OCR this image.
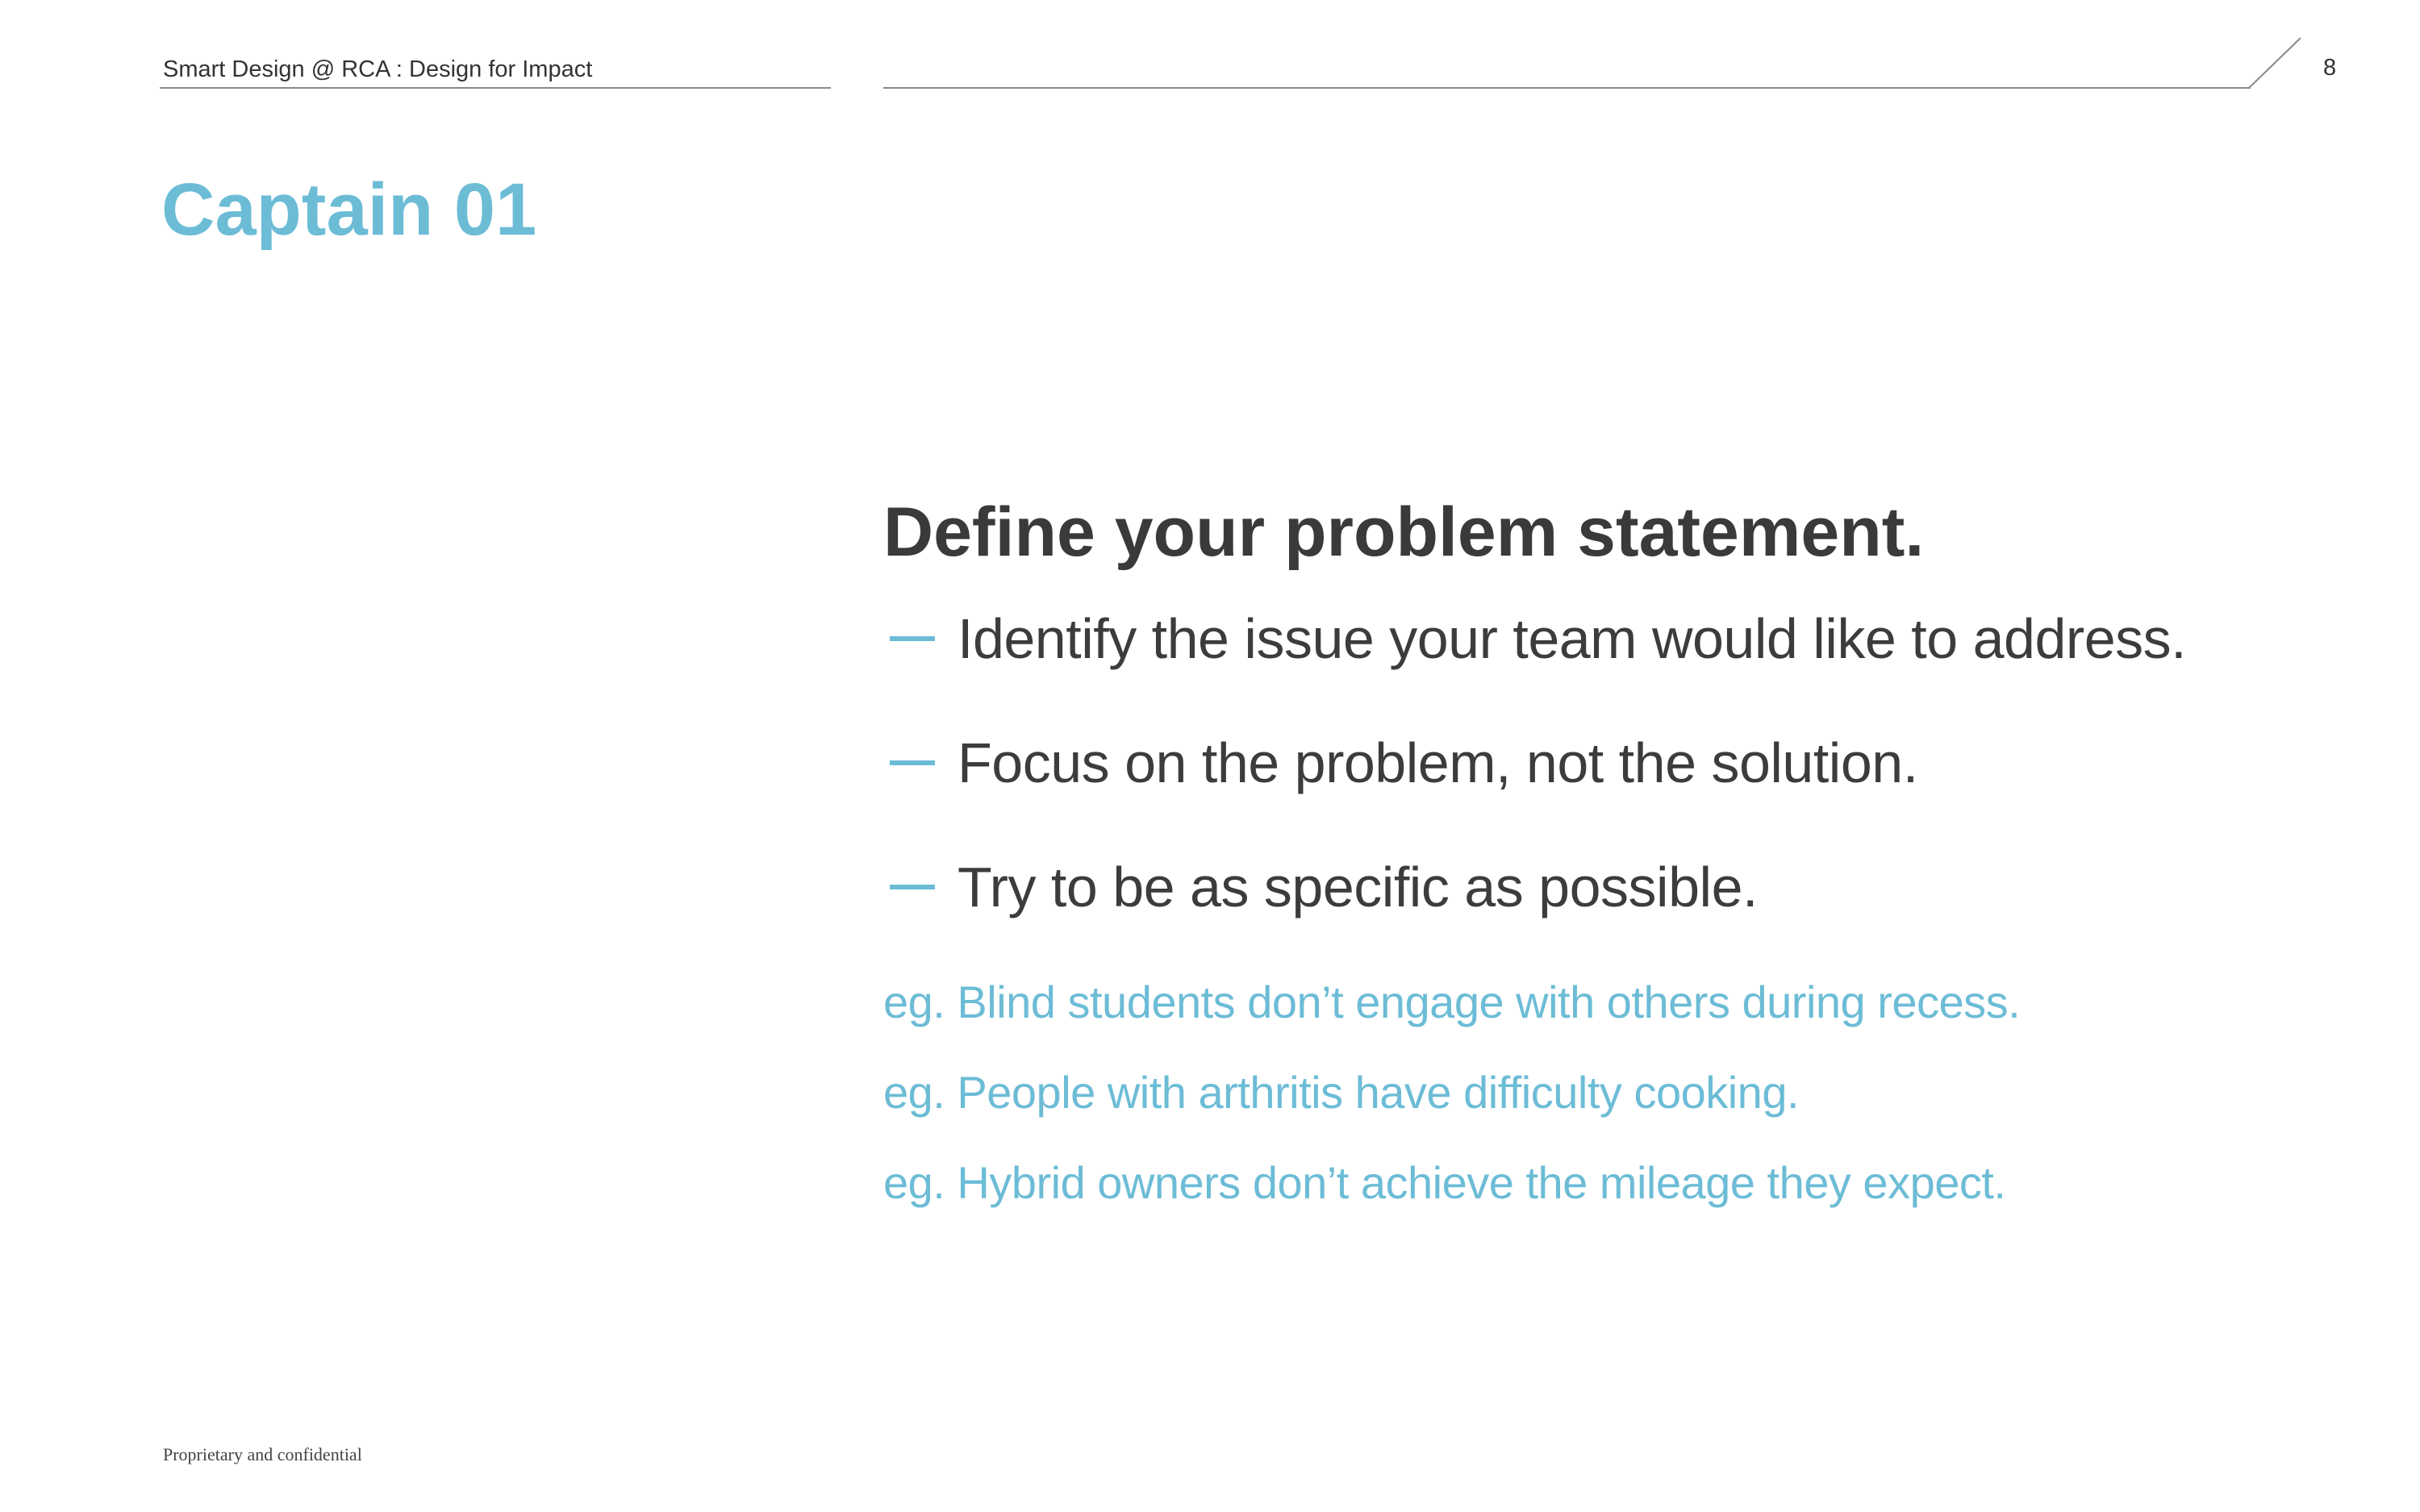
Smart Design @ RCA : Design for Impact	8
Captain 01
Define your problem statement.
Identify the issue your team would like to address.
Focus on the problem, not the solution.
Try to be as specific as possible.
eg. Blind students don’t engage with others during recess.
eg. People with arthritis have difficulty cooking.
eg. Hybrid owners don’t achieve the mileage they expect.
Proprietary and confidential
